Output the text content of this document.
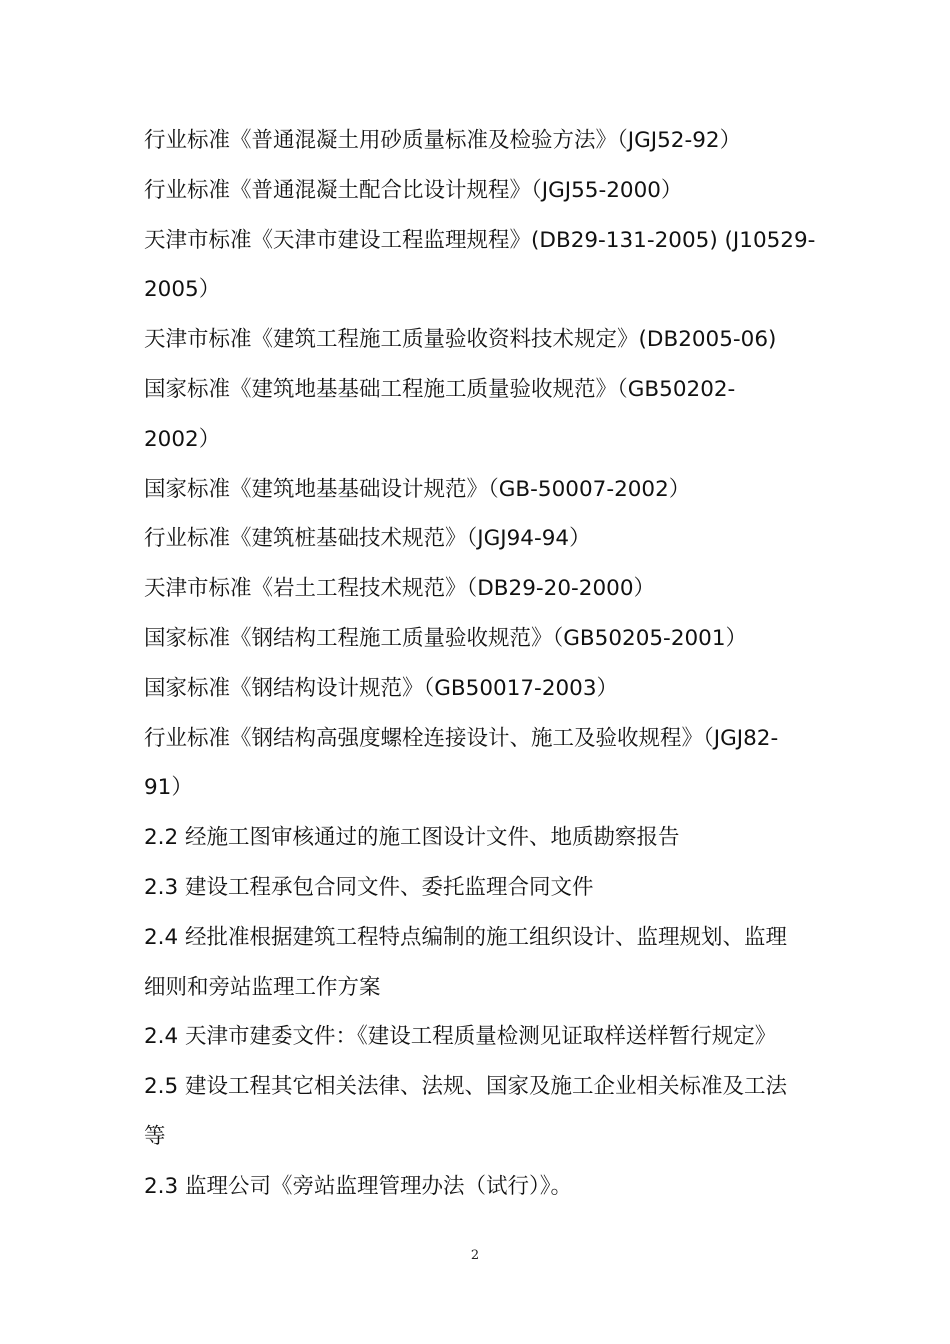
行业标准《普通混凝土用砂质量标准及检验方法》（JGJ52-92）
行业标准《普通混凝土配合比设计规程》（JGJ55-2000）
天津市标准《天津市建设工程监理规程》(DB29-131-2005) (J10529-
2005）
天津市标准《建筑工程施工质量验收资料技术规定》(DB2005-06)
国家标准《建筑地基基础工程施工质量验收规范》（GB50202-
2002）
国家标准《建筑地基基础设计规范》（GB-50007-2002）
行业标准《建筑桩基础技术规范》（JGJ94-94）
天津市标准《岩土工程技术规范》（DB29-20-2000）
国家标准《钢结构工程施工质量验收规范》（GB50205-2001）
国家标准《钢结构设计规范》（GB50017-2003）
行业标准《钢结构高强度螺栓连接设计、施工及验收规程》（JGJ82-
91）
2.2 经施工图审核通过的施工图设计文件、地质勘察报告
2.3 建设工程承包合同文件、委托监理合同文件
2.4 经批准根据建筑工程特点编制的施工组织设计、监理规划、监理
细则和旁站监理工作方案
2.4 天津市建委文件：《建设工程质量检测见证取样送样暂行规定》
2.5 建设工程其它相关法律、法规、国家及施工企业相关标准及工法
等
2.3 监理公司《旁站监理管理办法（试行）》。
2
